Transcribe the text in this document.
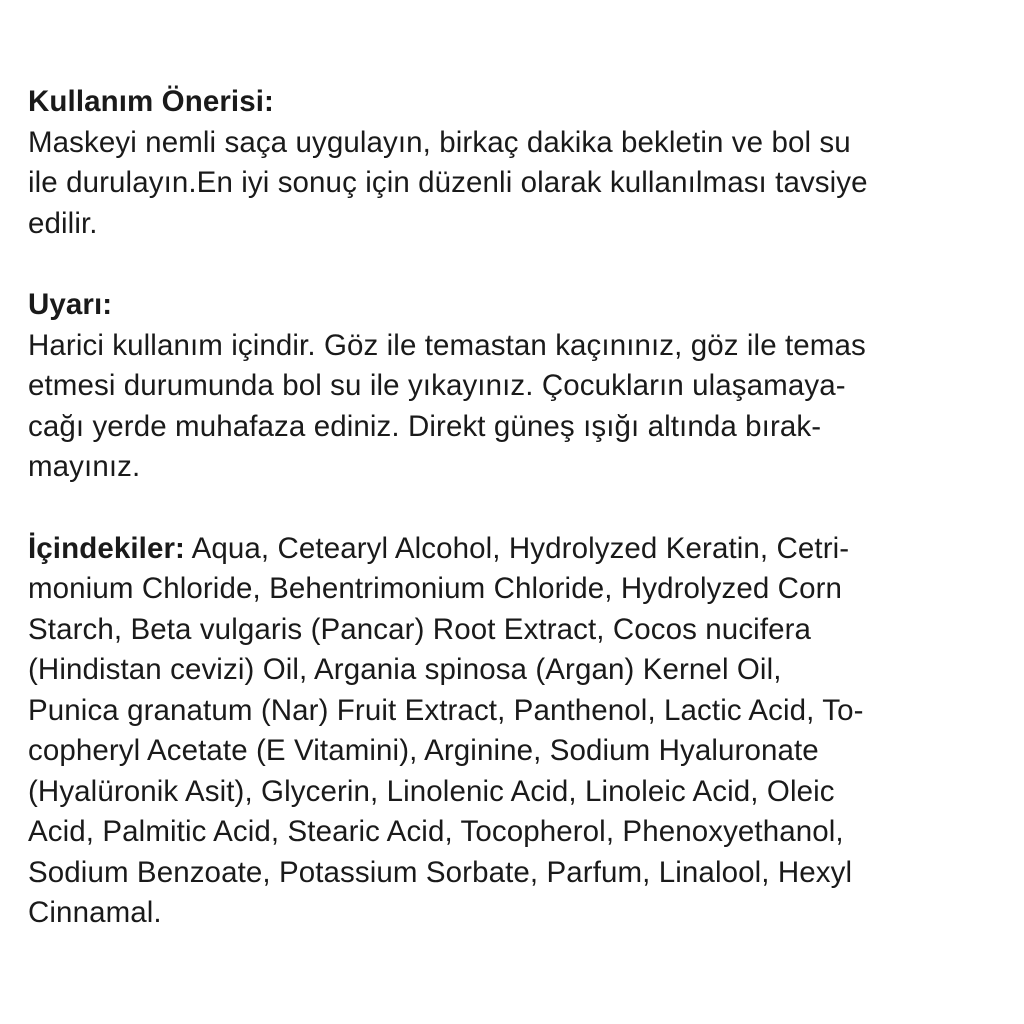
Kullanım Önerisi:
Maskeyi nemli saça uygulayın, birkaç dakika bekletin ve bol su
ile durulayın.En iyi sonuç için düzenli olarak kullanılması tavsiye
edilir.
Uyarı:
Harici kullanım içindir. Göz ile temastan kaçınınız, göz ile temas
etmesi durumunda bol su ile yıkayınız. Çocukların ulaşamaya-
cağı yerde muhafaza ediniz. Direkt güneş ışığı altında bırak-
mayınız.
İçindekiler: Aqua, Cetearyl Alcohol, Hydrolyzed Keratin, Cetri-
monium Chloride, Behentrimonium Chloride, Hydrolyzed Corn
Starch, Beta vulgaris (Pancar) Root Extract, Cocos nucifera
(Hindistan cevizi) Oil, Argania spinosa (Argan) Kernel Oil,
Punica granatum (Nar) Fruit Extract, Panthenol, Lactic Acid, To-
copheryl Acetate (E Vitamini), Arginine, Sodium Hyaluronate
(Hyalüronik Asit), Glycerin, Linolenic Acid, Linoleic Acid, Oleic
Acid, Palmitic Acid, Stearic Acid, Tocopherol, Phenoxyethanol,
Sodium Benzoate, Potassium Sorbate, Parfum, Linalool, Hexyl
Cinnamal.
